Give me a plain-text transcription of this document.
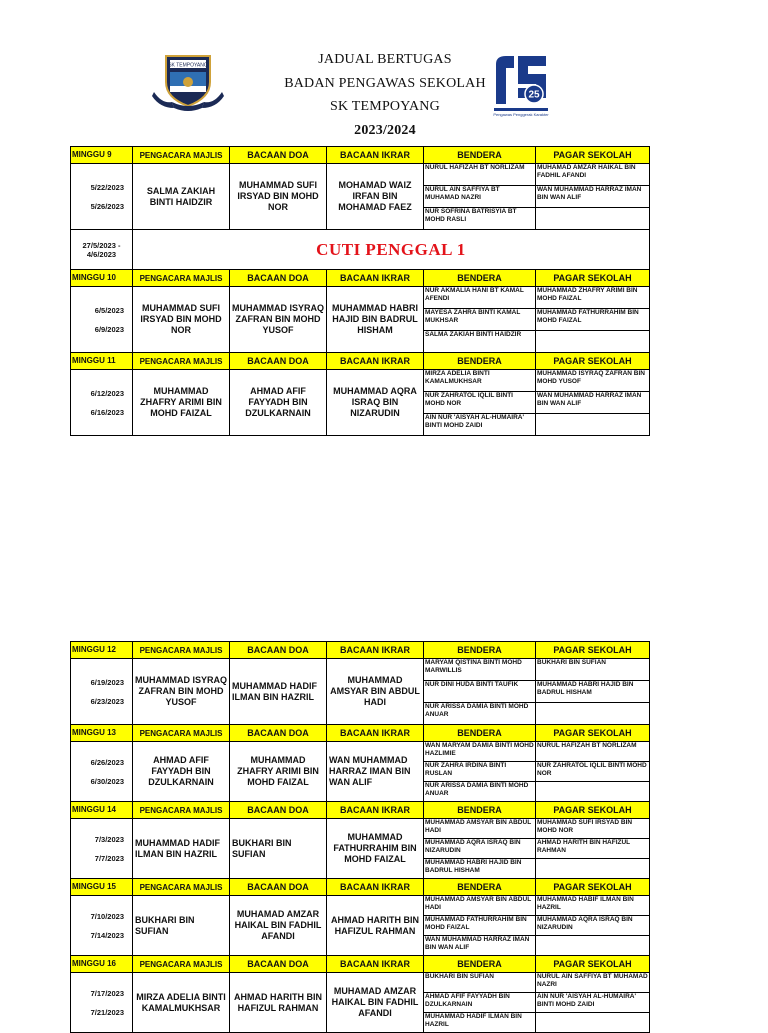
SK TEMPOYANG	JADUAL BERTUGAS
BADAN PENGAWAS SEKOLAH
SK TEMPOYANG
2023/2024
25
Pengawas Penggerak Karakter
MINGGU 9	PENGACARA MAJLIS	BACAAN DOA	BACAAN IKRAR	BENDERA	PAGAR SEKOLAH

5/22/2023
5/26/2023	SALMA ZAKIAH BINTI HAIDZIR	MUHAMMAD SUFI IRSYAD BIN MOHD NOR	MOHAMAD WAIZ IRFAN BIN MOHAMAD FAEZ	NURUL HAFIZAH BT NORLIZAM	MUHAMAD AMZAR HAIKAL BIN FADHIL AFANDI
				NURUL AIN SAFFIYA BT MUHAMAD NAZRI	WAN MUHAMMAD HARRAZ IMAN BIN WAN ALIF
				NUR SOFRINA BATRISYIA BT MOHD RASLI	
27/5/2023 - 4/6/2023	CUTI PENGGAL 1				
MINGGU 10	PENGACARA MAJLIS	BACAAN DOA	BACAAN IKRAR	BENDERA	PAGAR SEKOLAH

6/5/2023
6/9/2023	MUHAMMAD SUFI IRSYAD BIN MOHD NOR	MUHAMMAD ISYRAQ ZAFRAN BIN MOHD YUSOF	MUHAMMAD HABRI HAJID BIN BADRUL HISHAM	NUR AKMALIA HANI BT KAMAL AFENDI	MUHAMMAD ZHAFRY ARIMI BIN MOHD FAIZAL
				MAYESA ZAHRA BINTI KAMAL MUKHSAR	MUHAMMAD FATHURRAHIM BIN MOHD FAIZAL
				SALMA ZAKIAH BINTI HAIDZIR	
MINGGU 11	PENGACARA MAJLIS	BACAAN DOA	BACAAN IKRAR	BENDERA	PAGAR SEKOLAH

6/12/2023
6/16/2023	MUHAMMAD ZHAFRY ARIMI BIN MOHD FAIZAL	AHMAD AFIF FAYYADH BIN DZULKARNAIN	MUHAMMAD AQRA ISRAQ BIN NIZARUDIN	MIRZA ADELIA BINTI KAMALMUKHSAR	MUHAMMAD ISYRAQ ZAFRAN BIN MOHD YUSOF
				NUR ZAHRATOL IQLIL BINTI MOHD NOR	WAN MUHAMMAD HARRAZ IMAN BIN WAN ALIF
				AIN NUR 'AISYAH AL-HUMAIRA' BINTI MOHD ZAIDI	
MINGGU 12	PENGACARA MAJLIS	BACAAN DOA	BACAAN IKRAR	BENDERA	PAGAR SEKOLAH

6/19/2023
6/23/2023	MUHAMMAD ISYRAQ ZAFRAN BIN MOHD YUSOF	MUHAMMAD HADIF ILMAN BIN HAZRIL	MUHAMMAD AMSYAR BIN ABDUL HADI	MARYAM QISTINA BINTI MOHD MARWILLIS	BUKHARI BIN SUFIAN
				NUR DINI HUDA BINTI TAUFIK	MUHAMMAD HABRI HAJID BIN BADRUL HISHAM
				NUR ARISSA DAMIA BINTI MOHD ANUAR	
MINGGU 13	PENGACARA MAJLIS	BACAAN DOA	BACAAN IKRAR	BENDERA	PAGAR SEKOLAH

6/26/2023
6/30/2023	AHMAD AFIF FAYYADH BIN DZULKARNAIN	MUHAMMAD ZHAFRY ARIMI BIN MOHD FAIZAL	WAN MUHAMMAD HARRAZ IMAN BIN WAN ALIF	WAN MARYAM DAMIA BINTI MOHD HAZLIMIE	NURUL HAFIZAH BT NORLIZAM
				NUR ZAHRA IRDINA BINTI RUSLAN	NUR ZAHRATOL IQLIL BINTI MOHD NOR
				NUR ARISSA DAMIA BINTI MOHD ANUAR	
MINGGU 14	PENGACARA MAJLIS	BACAAN DOA	BACAAN IKRAR	BENDERA	PAGAR SEKOLAH

7/3/2023
7/7/2023	MUHAMMAD HADIF ILMAN BIN HAZRIL	BUKHARI BIN SUFIAN	MUHAMMAD FATHURRAHIM BIN MOHD FAIZAL	MUHAMMAD AMSYAR BIN ABDUL HADI	MUHAMMAD SUFI IRSYAD BIN MOHD NOR
				MUHAMMAD AQRA ISRAQ BIN NIZARUDIN	AHMAD HARITH BIN HAFIZUL RAHMAN
				MUHAMMAD HABRI HAJID BIN BADRUL HISHAM	
MINGGU 15	PENGACARA MAJLIS	BACAAN DOA	BACAAN IKRAR	BENDERA	PAGAR SEKOLAH

7/10/2023
7/14/2023	BUKHARI BIN SUFIAN	MUHAMAD AMZAR HAIKAL BIN FADHIL AFANDI	AHMAD HARITH BIN HAFIZUL RAHMAN	MUHAMMAD AMSYAR BIN ABDUL HADI	MUHAMMAD HABIF ILMAN BIN HAZRIL
				MUHAMMAD FATHURRAHIM BIN MOHD FAIZAL	MUHAMMAD AQRA ISRAQ BIN NIZARUDIN
				WAN MUHAMMAD HARRAZ IMAN BIN WAN ALIF	
MINGGU 16	PENGACARA MAJLIS	BACAAN DOA	BACAAN IKRAR	BENDERA	PAGAR SEKOLAH

7/17/2023
7/21/2023	MIRZA ADELIA BINTI KAMALMUKHSAR	AHMAD HARITH BIN HAFIZUL RAHMAN	MUHAMAD AMZAR HAIKAL BIN FADHIL AFANDI	BUKHARI BIN SUFIAN	NURUL AIN SAFFIYA BT MUHAMAD NAZRI
				AHMAD AFIF FAYYADH BIN DZULKARNAIN	AIN NUR 'AISYAH AL-HUMAIRA' BINTI MOHD ZAIDI
				MUHAMMAD HADIF ILMAN BIN HAZRIL	
